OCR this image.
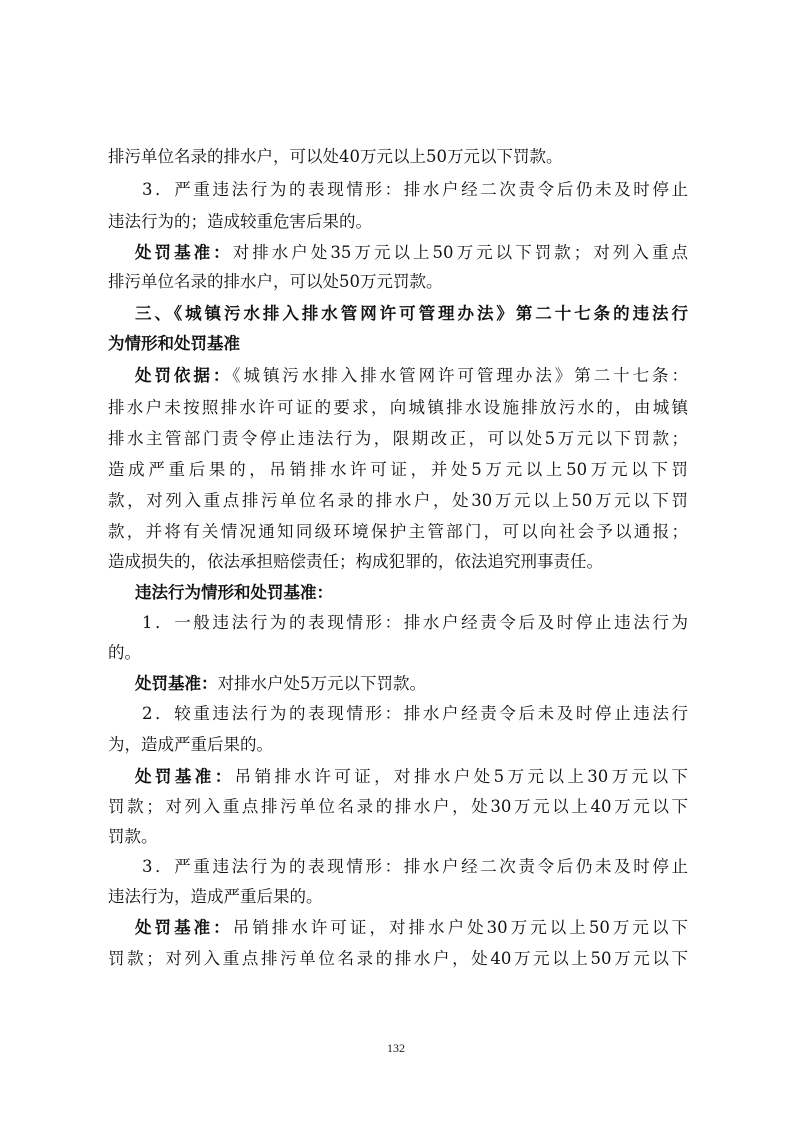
排污单位名录的排水户，可以处40万元以上50万元以下罚款。
3．严重违法行为的表现情形：排水户经二次责令后仍未及时停止
违法行为的；造成较重危害后果的。
处罚基准：对排水户处35万元以上50万元以下罚款；对列入重点
排污单位名录的排水户，可以处50万元罚款。
三、《城镇污水排入排水管网许可管理办法》第二十七条的违法行
为情形和处罚基准
处罚依据：《城镇污水排入排水管网许可管理办法》第二十七条：
排水户未按照排水许可证的要求，向城镇排水设施排放污水的，由城镇
排水主管部门责令停止违法行为，限期改正，可以处5万元以下罚款；
造成严重后果的，吊销排水许可证，并处5万元以上50万元以下罚
款，对列入重点排污单位名录的排水户，处30万元以上50万元以下罚
款，并将有关情况通知同级环境保护主管部门，可以向社会予以通报；
造成损失的，依法承担赔偿责任；构成犯罪的，依法追究刑事责任。
违法行为情形和处罚基准：
1．一般违法行为的表现情形：排水户经责令后及时停止违法行为
的。
处罚基准：对排水户处5万元以下罚款。
2．较重违法行为的表现情形：排水户经责令后未及时停止违法行
为，造成严重后果的。
处罚基准：吊销排水许可证，对排水户处5万元以上30万元以下
罚款；对列入重点排污单位名录的排水户，处30万元以上40万元以下
罚款。
3．严重违法行为的表现情形：排水户经二次责令后仍未及时停止
违法行为，造成严重后果的。
处罚基准：吊销排水许可证，对排水户处30万元以上50万元以下
罚款；对列入重点排污单位名录的排水户，处40万元以上50万元以下
132
